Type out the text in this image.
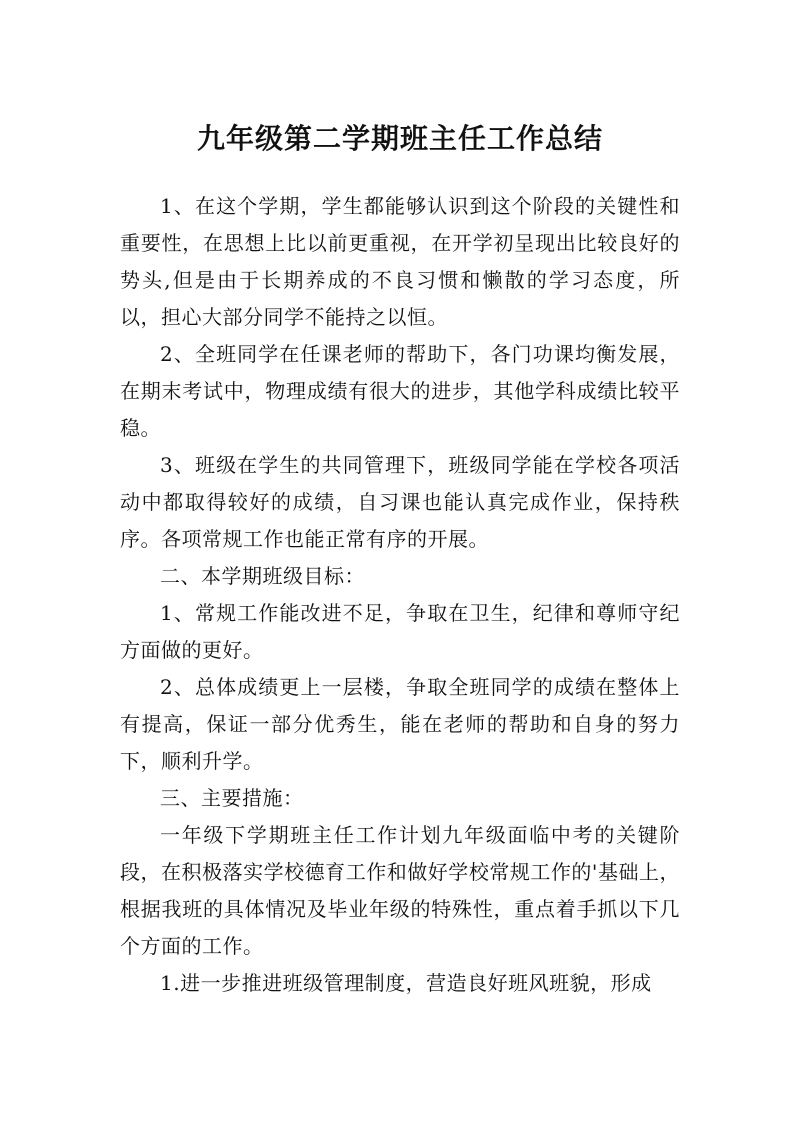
九年级第二学期班主任工作总结

1、在这个学期，学生都能够认识到这个阶段的关键性和重要性，在思想上比以前更重视，在开学初呈现出比较良好的势头,但是由于长期养成的不良习惯和懒散的学习态度，所以，担心大部分同学不能持之以恒。

2、全班同学在任课老师的帮助下，各门功课均衡发展，在期末考试中，物理成绩有很大的进步，其他学科成绩比较平稳。

3、班级在学生的共同管理下，班级同学能在学校各项活动中都取得较好的成绩，自习课也能认真完成作业，保持秩序。各项常规工作也能正常有序的开展。

二、本学期班级目标：

1、常规工作能改进不足，争取在卫生，纪律和尊师守纪方面做的更好。

2、总体成绩更上一层楼，争取全班同学的成绩在整体上有提高，保证一部分优秀生，能在老师的帮助和自身的努力下，顺利升学。

三、主要措施：

一年级下学期班主任工作计划九年级面临中考的关键阶段，在积极落实学校德育工作和做好学校常规工作的'基础上，根据我班的具体情况及毕业年级的特殊性，重点着手抓以下几个方面的工作。

1.进一步推进班级管理制度，营造良好班风班貌，形成
